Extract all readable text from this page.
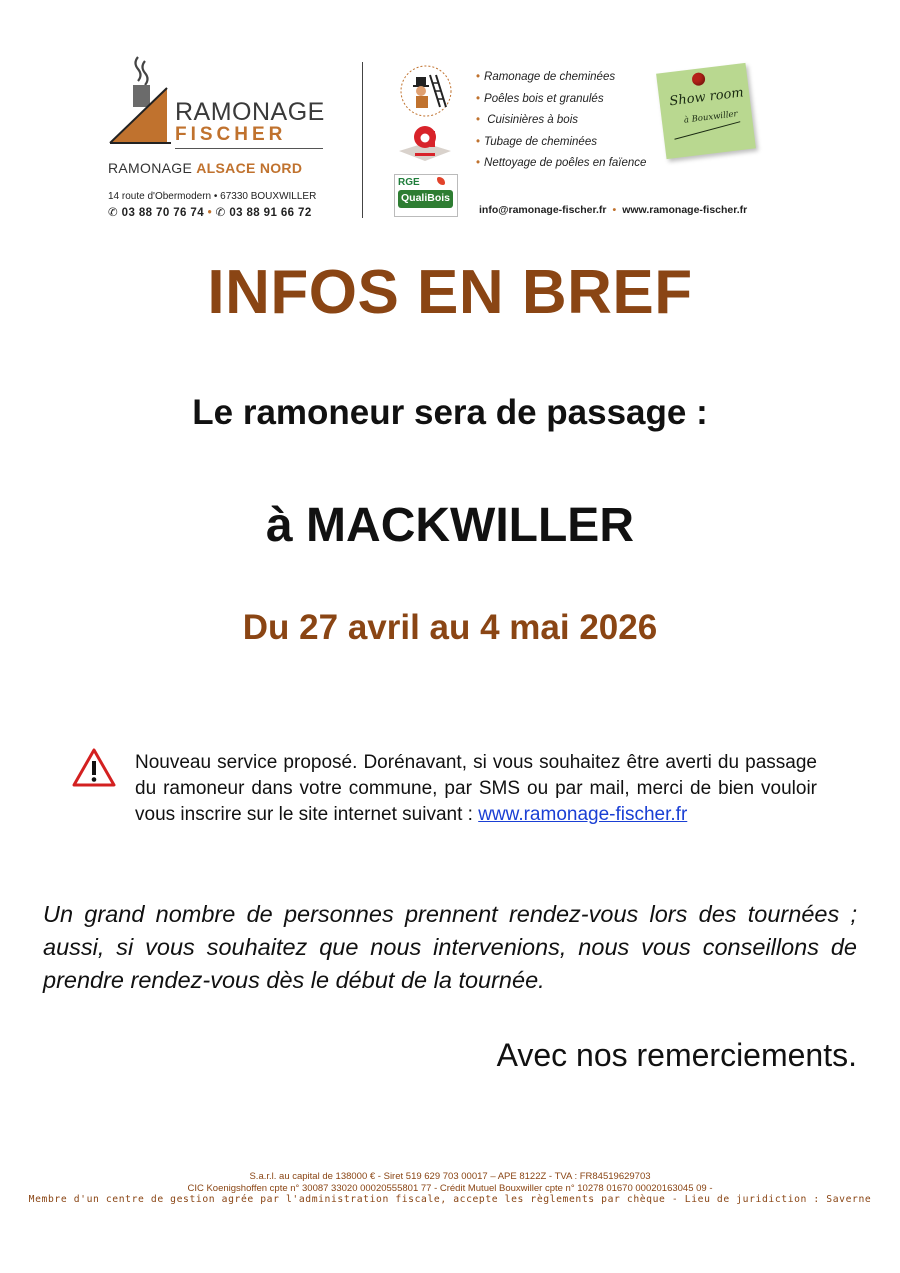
RAMONAGE
FISCHER
RAMONAGE ALSACE NORD
14 route d'Obermodern • 67330 BOUXWILLER
✆ 03 88 70 76 74 • ✆ 03 88 91 66 72
RGE
QualiBois
• Ramonage de cheminées
• Poêles bois et granulés
• Cuisinières à bois
• Tubage de cheminées
• Nettoyage de poêles en faïence
Show room
à Bouxwiller
info@ramonage-fischer.fr • www.ramonage-fischer.fr
INFOS EN BREF
Le ramoneur sera de passage :
à MACKWILLER
Du 27 avril au 4 mai 2026
Nouveau service proposé. Dorénavant, si vous souhaitez être averti du passage du ramoneur dans votre commune, par SMS ou par mail, merci de bien vouloir vous inscrire sur le site internet suivant : www.ramonage-fischer.fr
Un grand nombre de personnes prennent rendez-vous lors des tournées ; aussi, si vous souhaitez que nous intervenions, nous vous conseillons de prendre rendez-vous dès le début de la tournée.
Avec nos remerciements.
S.a.r.l. au capital de 138000 € - Siret 519 629 703 00017 – APE 8122Z - TVA : FR84519629703
CIC Koenigshoffen cpte n° 30087 33020 00020555801 77 - Crédit Mutuel Bouxwiller cpte n° 10278 01670 00020163045 09 -
Membre d'un centre de gestion agrée par l'administration fiscale, accepte les règlements par chèque - Lieu de juridiction : Saverne
